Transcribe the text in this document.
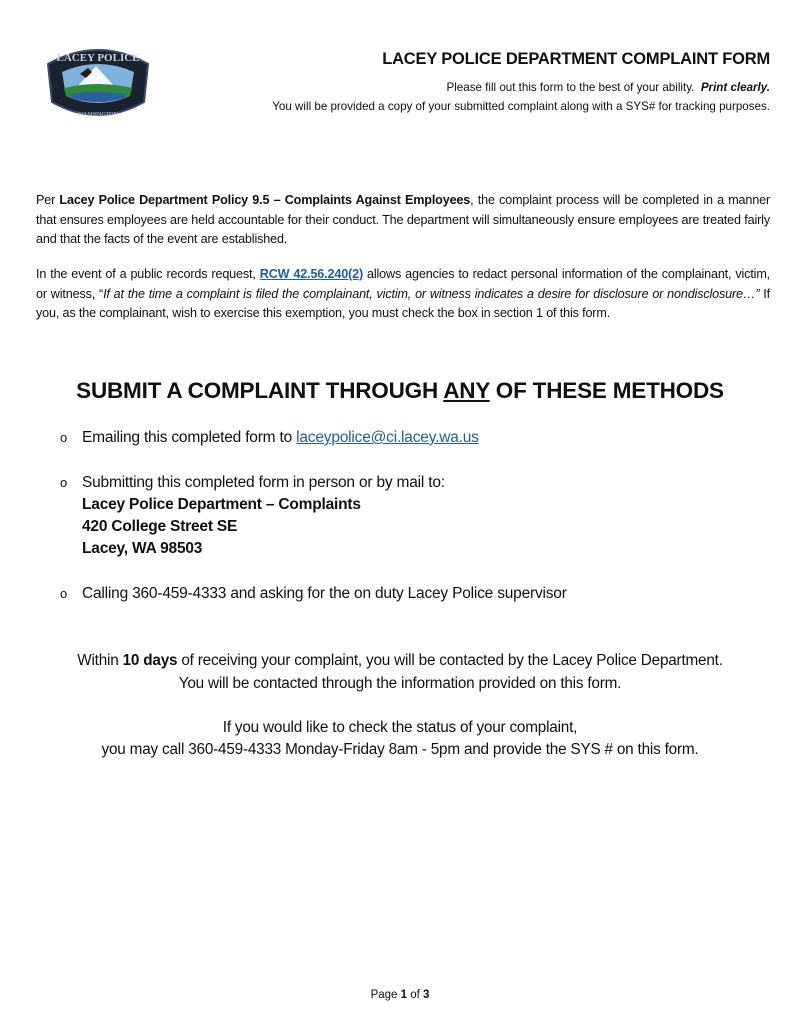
LACEY POLICE
WASHINGTON
LACEY POLICE DEPARTMENT COMPLAINT FORM
Please fill out this form to the best of your ability. Print clearly.
You will be provided a copy of your submitted complaint along with a SYS# for tracking purposes.
Per Lacey Police Department Policy 9.5 – Complaints Against Employees, the complaint process will be completed in a manner that ensures employees are held accountable for their conduct. The department will simultaneously ensure employees are treated fairly and that the facts of the event are established.
In the event of a public records request, RCW 42.56.240(2) allows agencies to redact personal information of the complainant, victim, or witness, “If at the time a complaint is filed the complainant, victim, or witness indicates a desire for disclosure or nondisclosure…” If you, as the complainant, wish to exercise this exemption, you must check the box in section 1 of this form.
SUBMIT A COMPLAINT THROUGH ANY OF THESE METHODS
o Emailing this completed form to laceypolice@ci.lacey.wa.us
o Submitting this completed form in person or by mail to:
Lacey Police Department – Complaints
420 College Street SE
Lacey, WA 98503
o Calling 360-459-4333 and asking for the on duty Lacey Police supervisor
Within 10 days of receiving your complaint, you will be contacted by the Lacey Police Department.
You will be contacted through the information provided on this form.
If you would like to check the status of your complaint,
you may call 360-459-4333 Monday-Friday 8am - 5pm and provide the SYS # on this form.
Page 1 of 3
